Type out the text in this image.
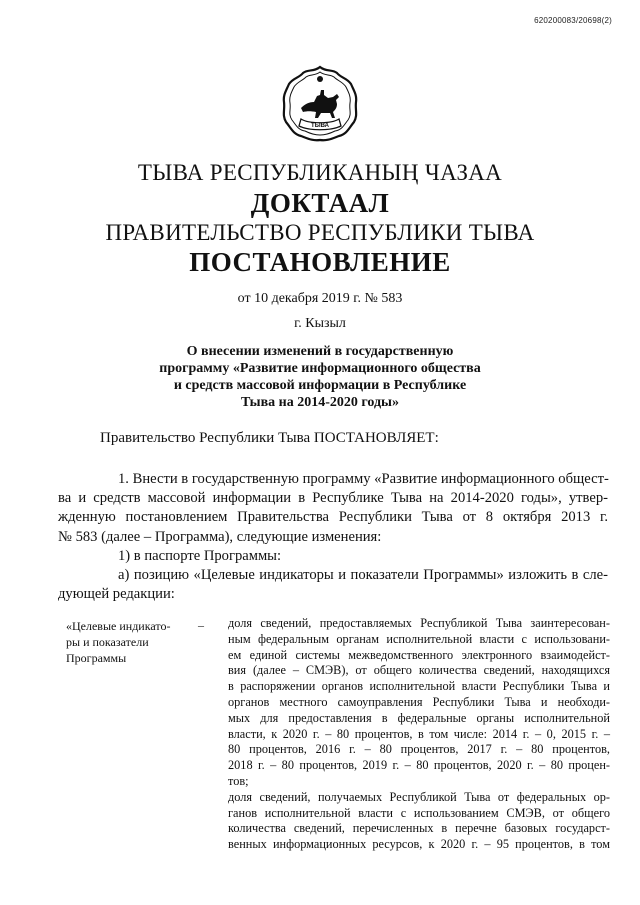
620200083/20698(2)
ТЫВА
ТЫВА РЕСПУБЛИКАНЫҢ ЧАЗАА
ДОКТААЛ
ПРАВИТЕЛЬСТВО РЕСПУБЛИКИ ТЫВА
ПОСТАНОВЛЕНИЕ
от 10 декабря 2019 г. № 583
г. Кызыл
О внесении изменений в государственную
программу «Развитие информационного общества
и средств массовой информации в Республике
Тыва на 2014-2020 годы»
Правительство Республики Тыва ПОСТАНОВЛЯЕТ:
1. Внести в государственную программу «Развитие информационного общест-
ва и средств массовой информации в Республике Тыва на 2014-2020 годы», утвер-
жденную постановлением Правительства Республики Тыва от 8 октября 2013 г.
№ 583 (далее – Программа), следующие изменения:
1) в паспорте Программы:
а) позицию «Целевые индикаторы и показатели Программы» изложить в сле-
дующей редакции:
«Целевые индикато-
ры и показатели
Программы
– доля сведений, предоставляемых Республикой Тыва заинтересован-
ным федеральным органам исполнительной власти с использовани-
ем единой системы межведомственного электронного взаимодейст-
вия (далее – СМЭВ), от общего количества сведений, находящихся
в распоряжении органов исполнительной власти Республики Тыва и
органов местного самоуправления Республики Тыва и необходи-
мых для предоставления в федеральные органы исполнительной
власти, к 2020 г. – 80 процентов, в том числе: 2014 г. – 0, 2015 г. –
80 процентов, 2016 г. – 80 процентов, 2017 г. – 80 процентов,
2018 г. – 80 процентов, 2019 г. – 80 процентов, 2020 г. – 80 процен-
тов;
доля сведений, получаемых Республикой Тыва от федеральных ор-
ганов исполнительной власти с использованием СМЭВ, от общего
количества сведений, перечисленных в перечне базовых государст-
венных информационных ресурсов, к 2020 г. – 95 процентов, в том
